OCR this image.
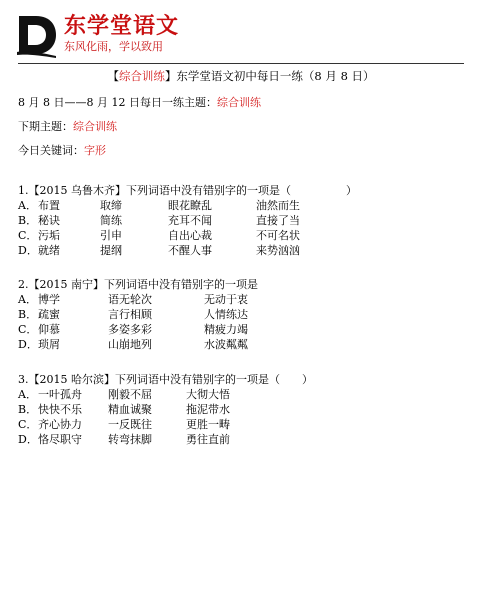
东学堂语文
东风化雨，学以致用
【综合训练】东学堂语文初中每日一练（8 月 8 日）
8 月 8 日——8 月 12 日每日一练主题：综合训练
下期主题：综合训练
今日关键词：字形
1.【2015 乌鲁木齐】下列词语中没有错别字的一项是（　　　　　）
A． 布置	取缔	眼花瞭乱	油然而生
B． 秘诀	简练	充耳不闻	直接了当
C． 污垢	引申	自出心裁	不可名状
D． 就绪	提纲	不醒人事	来势汹汹
2.【2015 南宁】下列词语中没有错别字的一项是
A． 博学	语无轮次	无动于衷
B． 疏蜜	言行相顾	人情练达
C． 仰慕	多姿多彩	精疲力竭
D． 琐屑	山崩地列	水波粼粼
3.【2015 哈尔滨】下列词语中没有错别字的一项是（　　）
A． 一叶孤舟 刚毅不屈	大彻大悟
B． 快快不乐 精血诚聚	拖泥带水
C． 齐心协力 一反既往	更胜一畴
D． 恪尽职守 转弯抹脚	勇往直前
